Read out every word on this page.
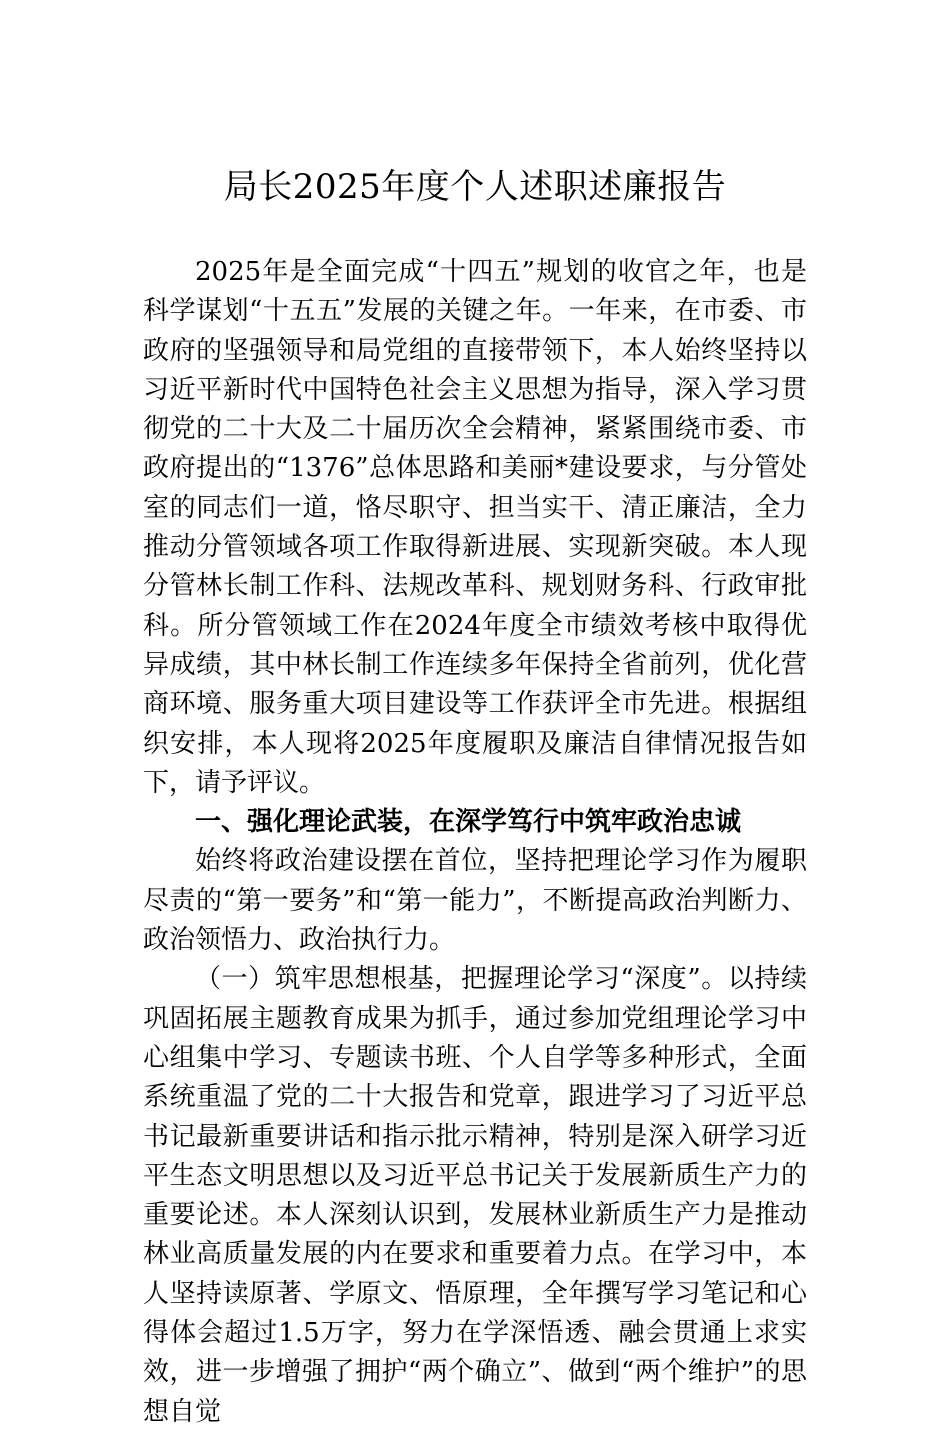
局长2025年度个人述职述廉报告

2025年是全面完成“十四五”规划的收官之年，也是科学谋划“十五五”发展的关键之年。一年来，在市委、市政府的坚强领导和局党组的直接带领下，本人始终坚持以习近平新时代中国特色社会主义思想为指导，深入学习贯彻党的二十大及二十届历次全会精神，紧紧围绕市委、市政府提出的“1376”总体思路和美丽*建设要求，与分管处室的同志们一道，恪尽职守、担当实干、清正廉洁，全力推动分管领域各项工作取得新进展、实现新突破。本人现分管林长制工作科、法规改革科、规划财务科、行政审批科。所分管领域工作在2024年度全市绩效考核中取得优异成绩，其中林长制工作连续多年保持全省前列，优化营商环境、服务重大项目建设等工作获评全市先进。根据组织安排，本人现将2025年度履职及廉洁自律情况报告如下，请予评议。

一、强化理论武装，在深学笃行中筑牢政治忠诚

始终将政治建设摆在首位，坚持把理论学习作为履职尽责的“第一要务”和“第一能力”，不断提高政治判断力、政治领悟力、政治执行力。

（一）筑牢思想根基，把握理论学习“深度”。以持续巩固拓展主题教育成果为抓手，通过参加党组理论学习中心组集中学习、专题读书班、个人自学等多种形式，全面系统重温了党的二十大报告和党章，跟进学习了习近平总书记最新重要讲话和指示批示精神，特别是深入研学习近平生态文明思想以及习近平总书记关于发展新质生产力的重要论述。本人深刻认识到，发展林业新质生产力是推动林业高质量发展的内在要求和重要着力点。在学习中，本人坚持读原著、学原文、悟原理，全年撰写学习笔记和心得体会超过1.5万字，努力在学深悟透、融会贯通上求实效，进一步增强了拥护“两个确立”、做到“两个维护”的思想自觉
